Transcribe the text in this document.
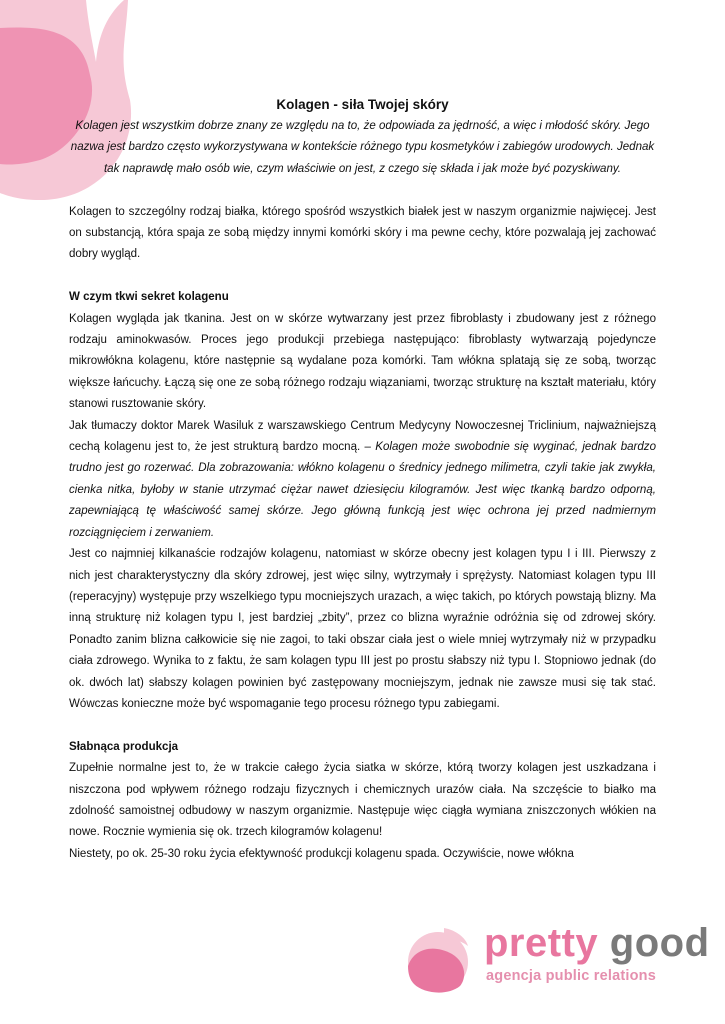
Kolagen - siła Twojej skóry

Kolagen jest wszystkim dobrze znany ze względu na to, że odpowiada za jędrność, a więc i młodość skóry. Jego nazwa jest bardzo często wykorzystywana w kontekście różnego typu kosmetyków i zabiegów urodowych. Jednak tak naprawdę mało osób wie, czym właściwie on jest, z czego się składa i jak może być pozyskiwany.

Kolagen to szczególny rodzaj białka, którego spośród wszystkich białek jest w naszym organizmie najwięcej. Jest on substancją, która spaja ze sobą między innymi komórki skóry i ma pewne cechy, które pozwalają jej zachować dobry wygląd.

W czym tkwi sekret kolagenu

Kolagen wygląda jak tkanina. Jest on w skórze wytwarzany jest przez fibroblasty i zbudowany jest z różnego rodzaju aminokwasów. Proces jego produkcji przebiega następująco: fibroblasty wytwarzają pojedyncze mikrowłókna kolagenu, które następnie są wydalane poza komórki. Tam włókna splatają się ze sobą, tworząc większe łańcuchy. Łączą się one ze sobą różnego rodzaju wiązaniami, tworząc strukturę na kształt materiału, który stanowi rusztowanie skóry.

Jak tłumaczy doktor Marek Wasiluk z warszawskiego Centrum Medycyny Nowoczesnej Triclinium, najważniejszą cechą kolagenu jest to, że jest strukturą bardzo mocną. – Kolagen może swobodnie się wyginać, jednak bardzo trudno jest go rozerwać. Dla zobrazowania: włókno kolagenu o średnicy jednego milimetra, czyli takie jak zwykła, cienka nitka, byłoby w stanie utrzymać ciężar nawet dziesięciu kilogramów. Jest więc tkanką bardzo odporną, zapewniającą tę właściwość samej skórze. Jego główną funkcją jest więc ochrona jej przed nadmiernym rozciągnięciem i zerwaniem.

Jest co najmniej kilkanaście rodzajów kolagenu, natomiast w skórze obecny jest kolagen typu I i III. Pierwszy z nich jest charakterystyczny dla skóry zdrowej, jest więc silny, wytrzymały i sprężysty. Natomiast kolagen typu III (reperacyjny) występuje przy wszelkiego typu mocniejszych urazach, a więc takich, po których powstają blizny. Ma inną strukturę niż kolagen typu I, jest bardziej „zbity”, przez co blizna wyraźnie odróżnia się od zdrowej skóry. Ponadto zanim blizna całkowicie się nie zagoi, to taki obszar ciała jest o wiele mniej wytrzymały niż w przypadku ciała zdrowego. Wynika to z faktu, że sam kolagen typu III jest po prostu słabszy niż typu I. Stopniowo jednak (do ok. dwóch lat) słabszy kolagen powinien być zastępowany mocniejszym, jednak nie zawsze musi się tak stać. Wówczas konieczne może być wspomaganie tego procesu różnego typu zabiegami.

Słabnąca produkcja

Zupełnie normalne jest to, że w trakcie całego życia siatka w skórze, którą tworzy kolagen jest uszkadzana i niszczona pod wpływem różnego rodzaju fizycznych i chemicznych urazów ciała. Na szczęście to białko ma zdolność samoistnej odbudowy w naszym organizmie. Następuje więc ciągła wymiana zniszczonych włókien na nowe. Rocznie wymienia się ok. trzech kilogramów kolagenu!

Niestety, po ok. 25-30 roku życia efektywność produkcji kolagenu spada. Oczywiście, nowe włókna

pretty good
agencja public relations
